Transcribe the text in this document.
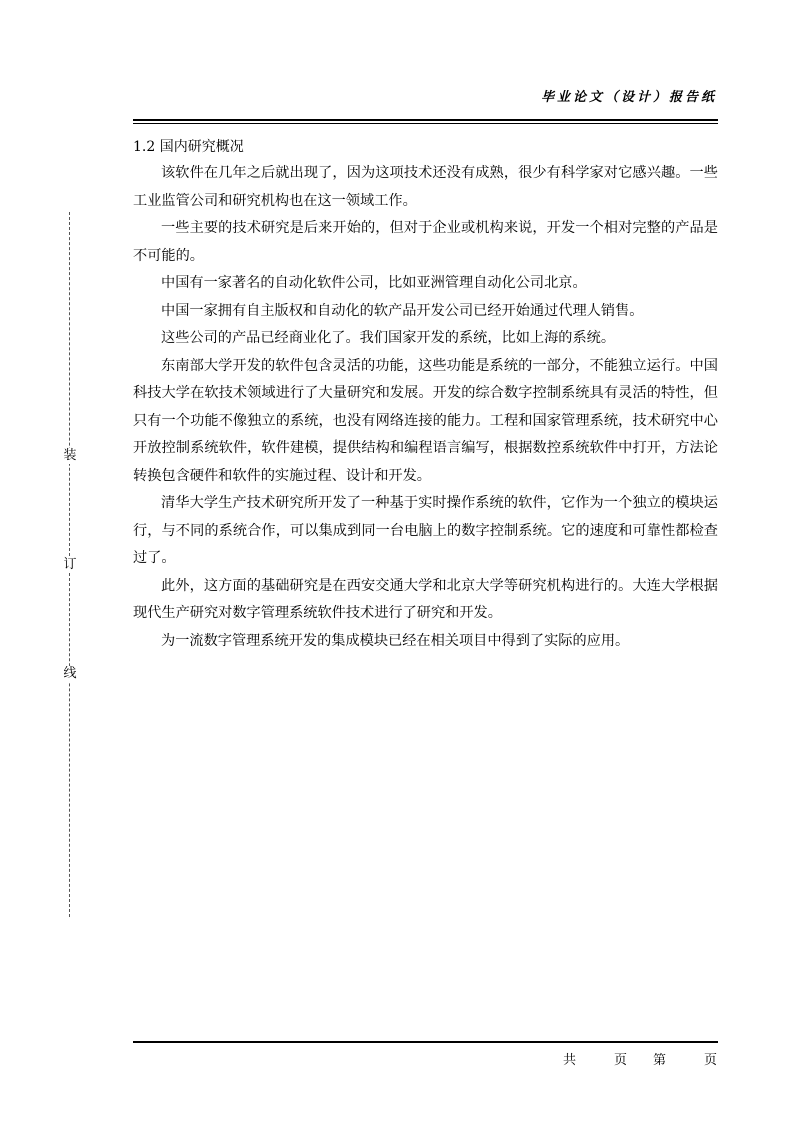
毕业论文（设计）报告纸
装
订
线
1.2 国内研究概况

该软件在几年之后就出现了，因为这项技术还没有成熟，很少有科学家对它感兴趣。一些工业监管公司和研究机构也在这一领域工作。

一些主要的技术研究是后来开始的，但对于企业或机构来说，开发一个相对完整的产品是不可能的。

中国有一家著名的自动化软件公司，比如亚洲管理自动化公司北京。

中国一家拥有自主版权和自动化的软产品开发公司已经开始通过代理人销售。

这些公司的产品已经商业化了。我们国家开发的系统，比如上海的系统。

东南部大学开发的软件包含灵活的功能，这些功能是系统的一部分，不能独立运行。中国科技大学在软技术领域进行了大量研究和发展。开发的综合数字控制系统具有灵活的特性，但只有一个功能不像独立的系统，也没有网络连接的能力。工程和国家管理系统，技术研究中心开放控制系统软件，软件建模，提供结构和编程语言编写，根据数控系统软件中打开，方法论转换包含硬件和软件的实施过程、设计和开发。

清华大学生产技术研究所开发了一种基于实时操作系统的软件，它作为一个独立的模块运行，与不同的系统合作，可以集成到同一台电脑上的数字控制系统。它的速度和可靠性都检查过了。

此外，这方面的基础研究是在西安交通大学和北京大学等研究机构进行的。大连大学根据现代生产研究对数字管理系统软件技术进行了研究和开发。

为一流数字管理系统开发的集成模块已经在相关项目中得到了实际的应用。

共	页 第	页
